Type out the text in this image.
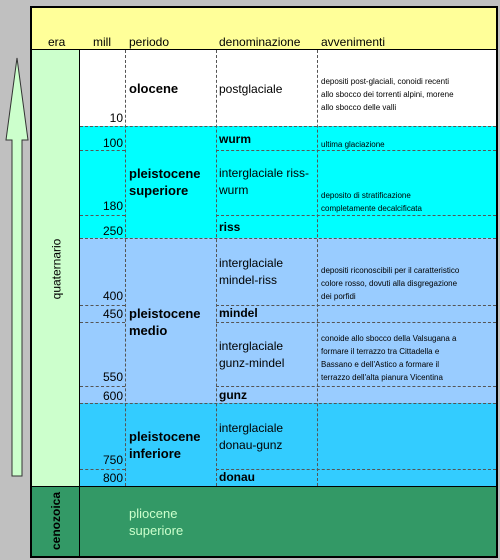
era mill periodo	denominazione avvenimenti
quaternario
cenozoica
10
100
180
250
400
450
550
600
750
800
olocene
pleistocene
superiore
pleistocene
medio
pleistocene
inferiore
pliocene
superiore
postglaciale
wurm
interglaciale riss-
wurm
riss
interglaciale
mindel-riss
mindel
interglaciale
gunz-mindel
gunz
interglaciale
donau-gunz
donau
depositi post-glaciali, conoidi recenti
allo sbocco dei torrenti alpini, morene
allo sbocco delle valli
ultima glaciazione
deposito di stratificazione
completamente decalcificata
depositi riconoscibili per il caratteristico
colore rosso, dovuti alla disgregazione
dei porfidi
conoide allo sbocco della Valsugana a
formare il terrazzo tra Cittadella e
Bassano e dell'Astico a formare il
terrazzo dell'alta pianura Vicentina
